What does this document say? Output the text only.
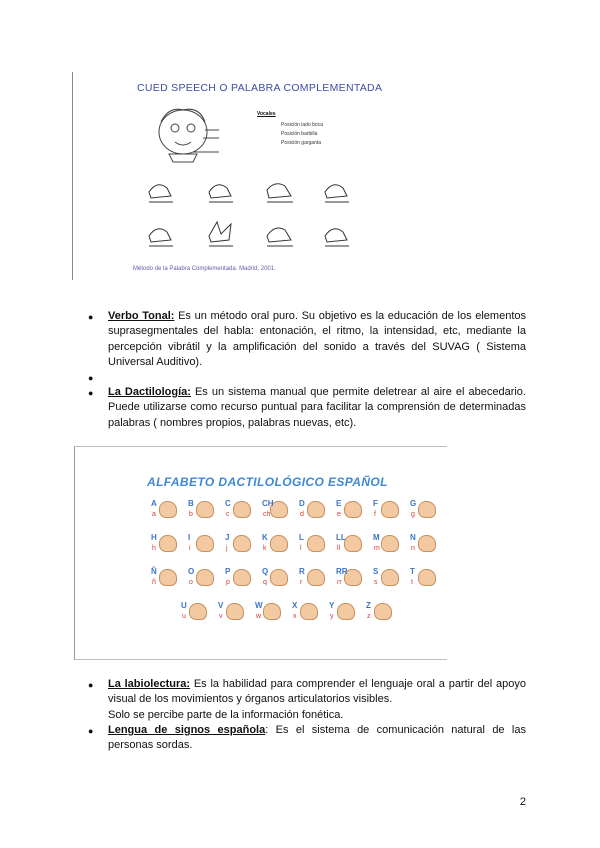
CUED SPEECH O PALABRA COMPLEMENTADA
Vocales
Posición lado boca
Posición barbilla
Posición garganta
Método de la Palabra Complementada. Madrid, 2001.
● Verbo Tonal: Es un método oral puro. Su objetivo es la educación de los elementos suprasegmentales del habla: entonación, el ritmo, la intensidad, etc, mediante la percepción vibrátil y la amplificación del sonido a través del SUVAG ( Sistema Universal Auditivo).
●
● La Dactilología: Es un sistema manual que permite deletrear al aire el abecedario. Puede utilizarse como recurso puntual para facilitar la comprensión de determinadas palabras ( nombres propios, palabras nuevas, etc).
ALFABETO DACTILOLÓGICO ESPAÑOL
A
a
B
b
C
c
CH
ch
D
d
E
e
F
f
G
g
H
h
I
i
J
j
K
k
L
l
LL
ll
M
m
N
n
Ñ
ñ
O
o
P
p
Q
q
R
r
RR
rr
S
s
T
t
U
u
V
v
W
w
X
x
Y
y
Z
z
● La labiolectura: Es la habilidad para comprender el lenguaje oral a partir del apoyo visual de los movimientos y órganos articulatorios visibles.
Solo se percibe parte de la información fonética.
● Lengua de signos española: Es el sistema de comunicación natural de las personas sordas.
2
